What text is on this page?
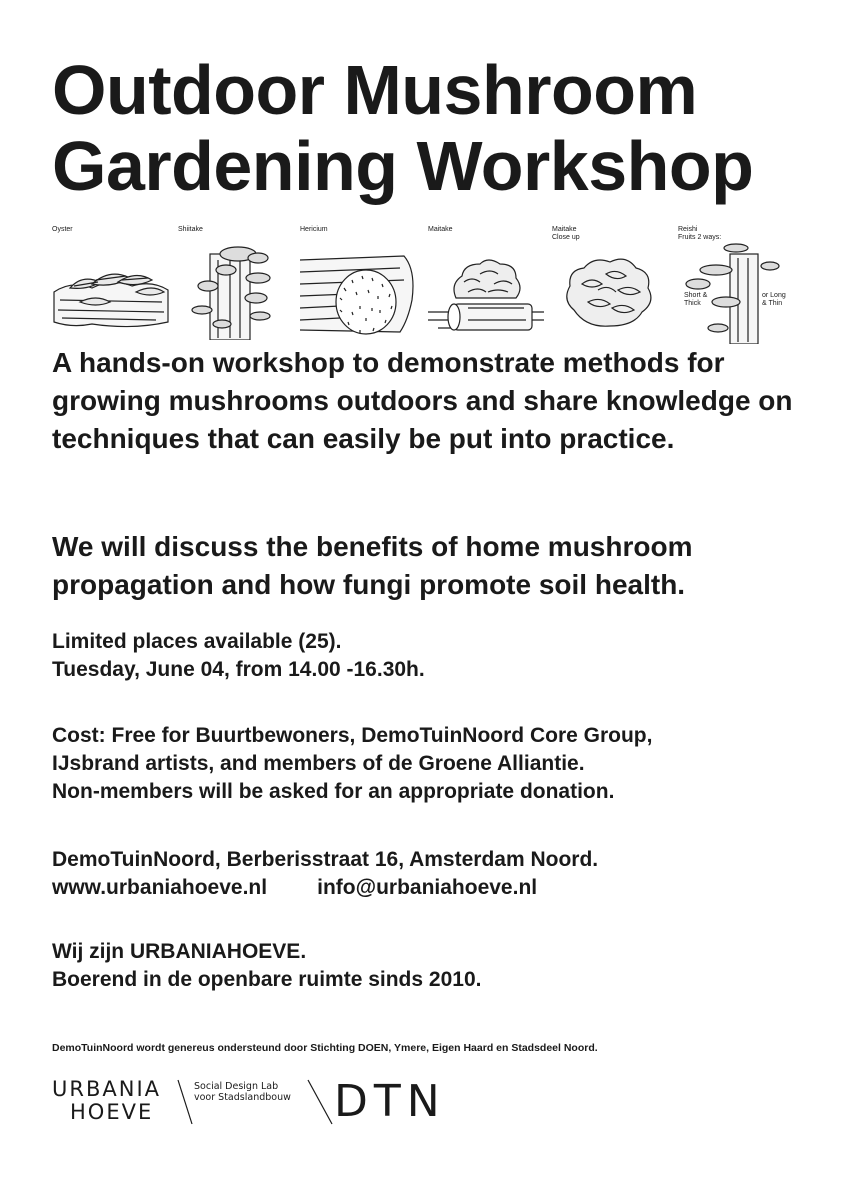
Outdoor Mushroom
Gardening Workshop
Oyster	Shiitake	Hericium	Maitake	Maitake
Close up
Reishi
Fruits 2 ways:
Short &
Thick
or Long
& Thin

A hands-on workshop to demonstrate methods for growing mushrooms outdoors and share knowledge on techniques that can easily be put into practice.

We will discuss the benefits of home mushroom propagation and how fungi promote soil health.

Limited places available (25).
Tuesday, June 04, from 14.00 -16.30h.
Cost: Free for Buurtbewoners, DemoTuinNoord Core Group,
IJsbrand artists, and members of de Groene Alliantie.
Non-members will be asked for an appropriate donation.
DemoTuinNoord, Berberisstraat 16, Amsterdam Noord.
www.urbaniahoeve.nl info@urbaniahoeve.nl
Wij zijn URBANIAHOEVE.
Boerend in de openbare ruimte sinds 2010.
DemoTuinNoord wordt genereus ondersteund door Stichting DOEN, Ymere, Eigen Haard en Stadsdeel Noord.
URBANIA
HOEVE
Social Design Lab
voor Stadslandbouw DTN
